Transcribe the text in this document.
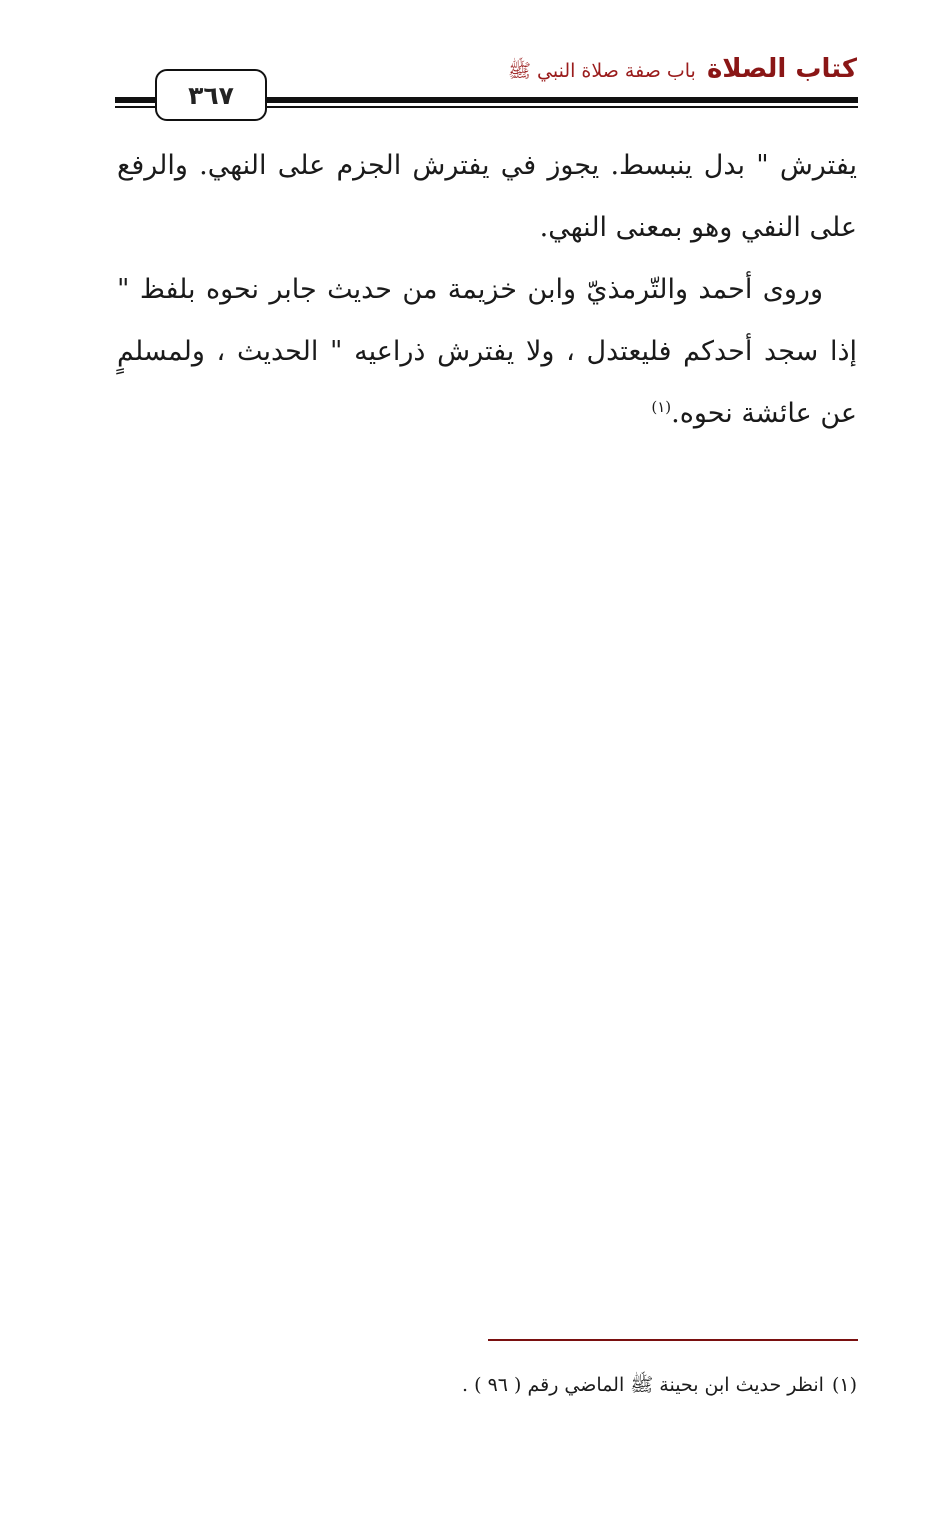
كتاب الصلاة باب صفة صلاة النبي ﷺ
٣٦٧

يفترش " بدل ينبسط. يجوز في يفترش الجزم على النهي. والرفع على النفي وهو بمعنى النهي.

وروى أحمد والتّرمذيّ وابن خزيمة من حديث جابر نحوه بلفظ " إذا سجد أحدكم فليعتدل ، ولا يفترش ذراعيه " الحديث ، ولمسلمٍ عن عائشة نحوه.$^{(١)}$

(١)انظر حديث ابن بحينة ﷺ الماضي رقم ( ٩٦ ) .
